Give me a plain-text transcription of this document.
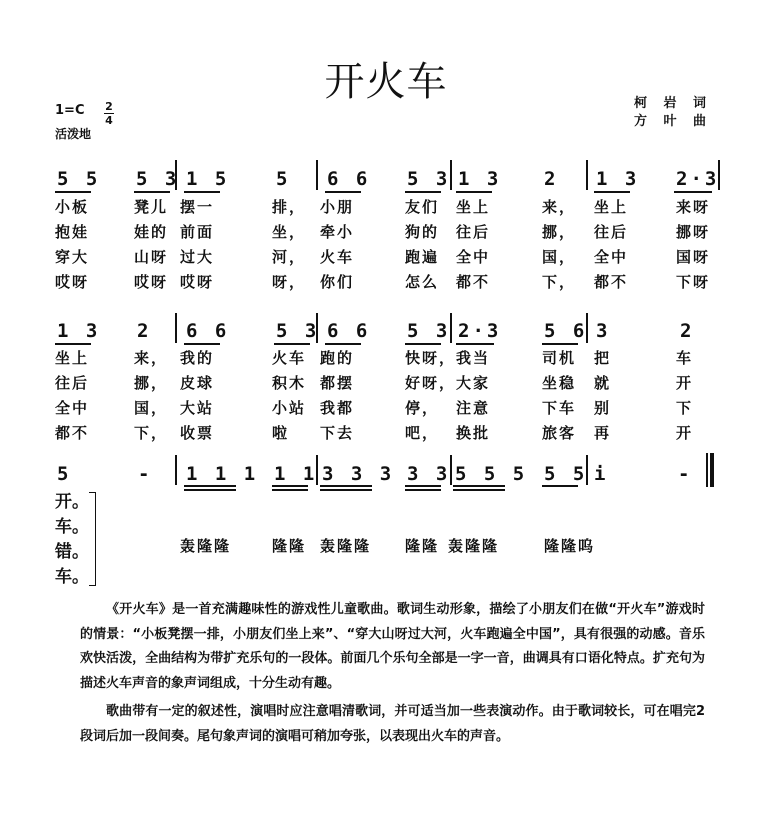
开火车	柯 岩 词
方 叶 曲
1=C 2
4
活泼地
5 5 5 3 1 5 5 6 6 5 3 1 3 2 1 3 2·3
小板	凳儿 摆一	排， 小朋	友们 坐上	来， 坐上	来呀
抱娃	娃的 前面	坐， 牵小	狗的 往后	挪， 往后	挪呀
穿大	山呀 过大	河， 火车	跑遍 全中	国， 全中	国呀
哎呀	哎呀 哎呀	呀， 你们	怎么 都不	下， 都不	下呀
1 3 2 6 6 5 3 6 6 5 3 2·3 5 6 3	2
坐上	来， 我的	火车 跑的	快呀， 我当	司机 把	车
往后	挪， 皮球	积木 都摆	好呀， 大家	坐稳 就	开
全中	国， 大站	小站 我都	停， 注意	下车 别	下
都不	下， 收票	啦 下去	吧， 换批	旅客 再	开
5	- 1 1 1 1 1 3 3 3 3 3 5 5 5 5 5 i	-
开。
车。
错。
车。
轰隆隆	隆隆 轰隆隆 隆隆 轰隆隆	隆隆呜

《开火车》是一首充满趣味性的游戏性儿童歌曲。歌词生动形象，描绘了小朋友们在做“开火车”游戏时的情景：“小板凳摆一排，小朋友们坐上来”、“穿大山呀过大河，火车跑遍全中国”，具有很强的动感。音乐欢快活泼，全曲结构为带扩充乐句的一段体。前面几个乐句全部是一字一音，曲调具有口语化特点。扩充句为描述火车声音的象声词组成，十分生动有趣。

歌曲带有一定的叙述性，演唱时应注意唱清歌词，并可适当加一些表演动作。由于歌词较长，可在唱完2段词后加一段间奏。尾句象声词的演唱可稍加夸张，以表现出火车的声音。
